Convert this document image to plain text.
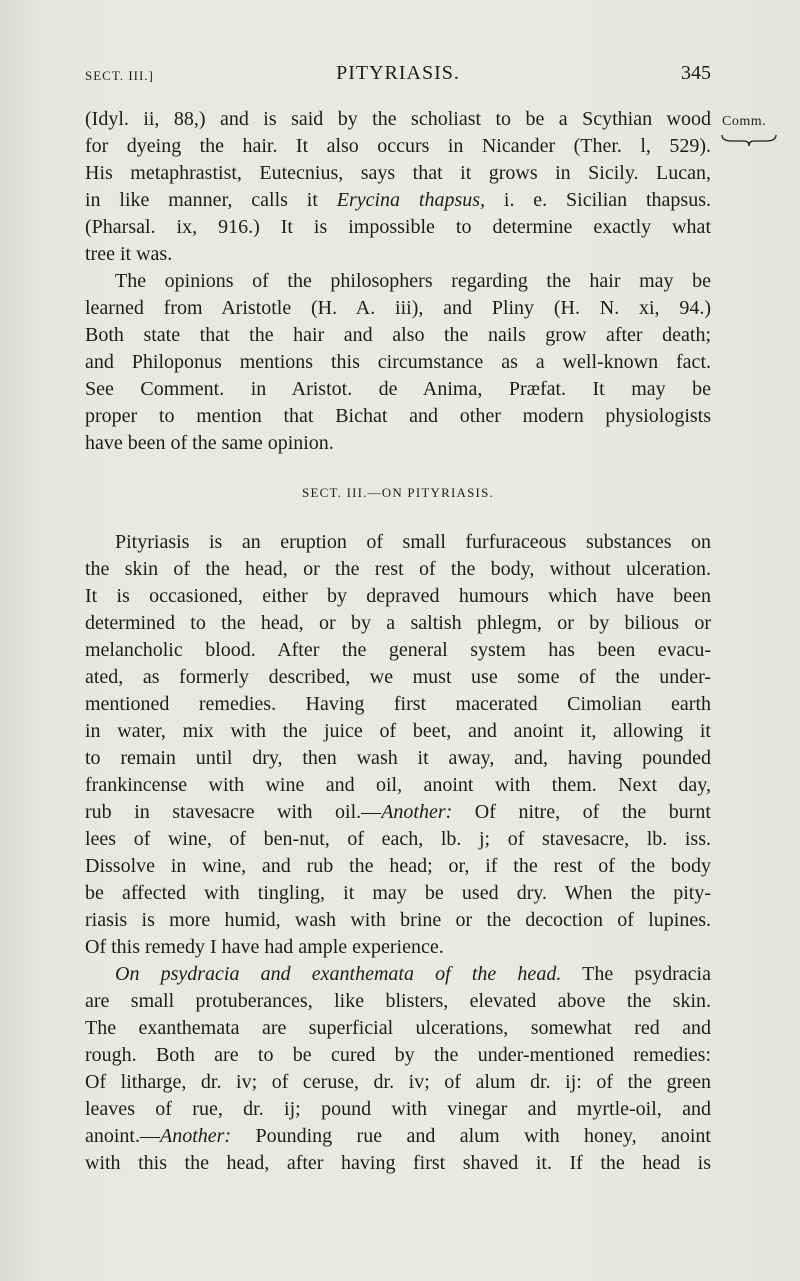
SECT. III.]	PITYRIASIS.	345
Comm.
(Idyl. ii, 88,) and is said by the scholiast to be a Scythian wood
for dyeing the hair. It also occurs in Nicander (Ther. l, 529).
His metaphrastist, Eutecnius, says that it grows in Sicily. Lucan,
in like manner, calls it Erycina thapsus, i. e. Sicilian thapsus.
(Pharsal. ix, 916.) It is impossible to determine exactly what
tree it was.
The opinions of the philosophers regarding the hair may be
learned from Aristotle (H. A. iii), and Pliny (H. N. xi, 94.)
Both state that the hair and also the nails grow after death;
and Philoponus mentions this circumstance as a well-known fact.
See Comment. in Aristot. de Anima, Præfat. It may be
proper to mention that Bichat and other modern physiologists
have been of the same opinion.
SECT. III.—ON PITYRIASIS.
Pityriasis is an eruption of small furfuraceous substances on
the skin of the head, or the rest of the body, without ulceration.
It is occasioned, either by depraved humours which have been
determined to the head, or by a saltish phlegm, or by bilious or
melancholic blood. After the general system has been evacu-
ated, as formerly described, we must use some of the under-
mentioned remedies. Having first macerated Cimolian earth
in water, mix with the juice of beet, and anoint it, allowing it
to remain until dry, then wash it away, and, having pounded
frankincense with wine and oil, anoint with them. Next day,
rub in stavesacre with oil.—Another: Of nitre, of the burnt
lees of wine, of ben-nut, of each, lb. j; of stavesacre, lb. iss.
Dissolve in wine, and rub the head; or, if the rest of the body
be affected with tingling, it may be used dry. When the pity-
riasis is more humid, wash with brine or the decoction of lupines.
Of this remedy I have had ample experience.
On psydracia and exanthemata of the head. The psydracia
are small protuberances, like blisters, elevated above the skin.
The exanthemata are superficial ulcerations, somewhat red and
rough. Both are to be cured by the under-mentioned remedies:
Of litharge, dr. iv; of ceruse, dr. iv; of alum dr. ij: of the green
leaves of rue, dr. ij; pound with vinegar and myrtle-oil, and
anoint.—Another: Pounding rue and alum with honey, anoint
with this the head, after having first shaved it. If the head is
